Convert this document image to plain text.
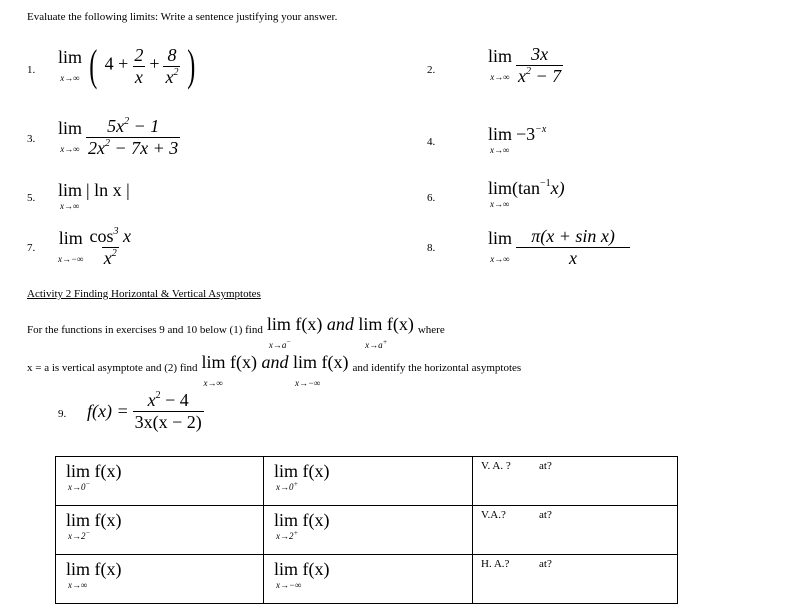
Evaluate the following limits: Write a sentence justifying your answer.
1.
lim
x→∞ ( $4 + \frac{2}{x} + \frac{8}{x^2}$ )	2.
lim
$x\to\infty \frac{3x}{x^2 - 7}$
3.
lim
$x\to\infty \frac{5x^2 - 1}{2x^2 - 7x + 3}$	4.	$\lim -3^{-x}$
x→∞
5. lim | ln x |
x→∞
6.	$\lim(\tan^{-1}x)$
x→∞
7. lim
$x\to-\infty \frac{\cos^3 x}{x^2}$	8.	lim
$x\to\infty \frac{\text{π(x + sin x)}}{x}$
Activity 2 Finding Horizontal & Vertical Asymptotes
For the functions in exercises 9 and 10 below (1) find lim f(x) and lim f(x)
x→a−	x→a+ where
x = a is vertical asymptote and (2) find lim f(x) and lim f(x)
x→∞	x→−∞ and identify the horizontal asymptotes
9. $f(x) = \frac{x^2 - 4}{3x(x - 2)}$
lim f(x)
x→0−	lim f(x)
x→0+	V. A. ? at?

lim f(x)
x→2−	lim f(x)
x→2+	V.A.? at?

lim f(x)
x→∞	lim f(x)
x→−∞	H. A.? at?
